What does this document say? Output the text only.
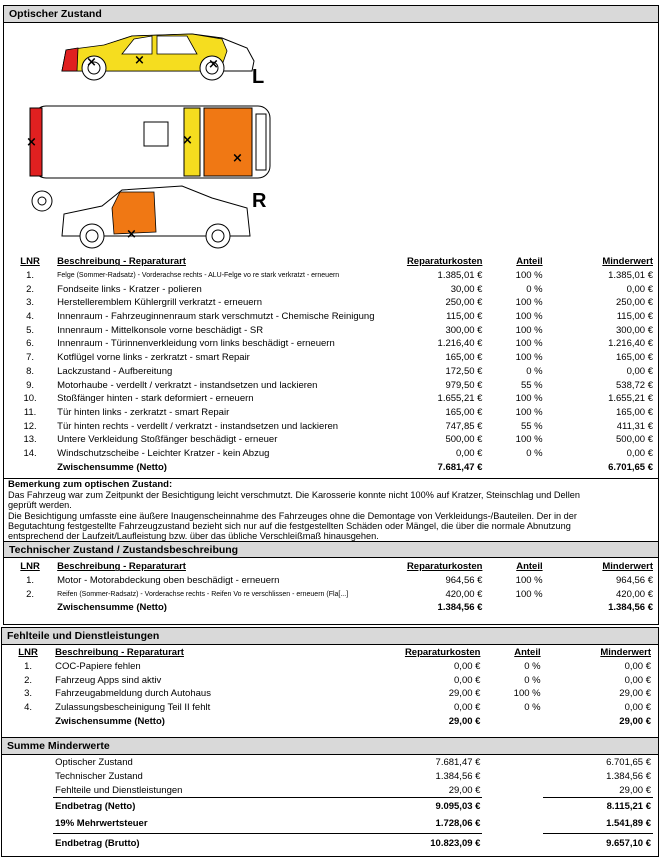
Optischer Zustand
×	×	×
×	×
×
×
L
R
LNR	Beschreibung - Reparaturart	Reparaturkosten	Anteil	Minderwert
1.	Felge (Sommer-Radsatz) - Vorderachse rechts - ALU-Felge vo re stark verkratzt - erneuern	1.385,01 €	100 %	1.385,01 €
2.	Fondseite links - Kratzer - polieren	30,00 €	0 %	0,00 €
3.	Herstelleremblem Kühlergrill verkratzt - erneuern	250,00 €	100 %	250,00 €
4.	Innenraum - Fahrzeuginnenraum stark verschmutzt - Chemische Reinigung	115,00 €	100 %	115,00 €
5.	Innenraum - Mittelkonsole vorne beschädigt - SR	300,00 €	100 %	300,00 €
6.	Innenraum - Türinnenverkleidung vorn links beschädigt - erneuern	1.216,40 €	100 %	1.216,40 €
7.	Kotflügel vorne links - zerkratzt - smart Repair	165,00 €	100 %	165,00 €
8.	Lackzustand - Aufbereitung	172,50 €	0 %	0,00 €
9.	Motorhaube - verdellt / verkratzt - instandsetzen und lackieren	979,50 €	55 %	538,72 €
10.	Stoßfänger hinten - stark deformiert - erneuern	1.655,21 €	100 %	1.655,21 €
11.	Tür hinten links - zerkratzt - smart Repair	165,00 €	100 %	165,00 €
12.	Tür hinten rechts - verdellt / verkratzt - instandsetzen und lackieren	747,85 €	55 %	411,31 €
13.	Untere Verkleidung Stoßfänger beschädigt - erneuer	500,00 €	100 %	500,00 €
14.	Windschutzscheibe - Leichter Kratzer - kein Abzug	0,00 €	0 %	0,00 €
	Zwischensumme (Netto)	7.681,47 €		6.701,65 €
Bemerkung zum optischen Zustand:
Das Fahrzeug war zum Zeitpunkt der Besichtigung leicht verschmutzt. Die Karosserie konnte nicht 100% auf Kratzer, Steinschlag und Dellen
geprüft werden.
Die Besichtigung umfasste eine äußere Inaugenscheinnahme des Fahrzeuges ohne die Demontage von Verkleidungs-/Bauteilen. Der in der
Begutachtung festgestellte Fahrzeugzustand bezieht sich nur auf die festgestellten Schäden oder Mängel, die über die normale Abnutzung
entsprechend der Laufzeit/Laufleistung bzw. über das übliche Verschleißmaß hinausgehen.
Technischer Zustand / Zustandsbeschreibung
LNR	Beschreibung - Reparaturart	Reparaturkosten	Anteil	Minderwert
1.	Motor - Motorabdeckung oben beschädigt - erneuern	964,56 €	100 %	964,56 €
2.	Reifen (Sommer-Radsatz) - Vorderachse rechts - Reifen Vo re verschlissen - erneuern (Fla[...]	420,00 €	100 %	420,00 €
	Zwischensumme (Netto)	1.384,56 €		1.384,56 €
Fehlteile und Dienstleistungen
LNR	Beschreibung - Reparaturart	Reparaturkosten	Anteil	Minderwert
1.	COC-Papiere fehlen	0,00 €	0 %	0,00 €
2.	Fahrzeug Apps sind aktiv	0,00 €	0 %	0,00 €
3.	Fahrzeugabmeldung durch Autohaus	29,00 €	100 %	29,00 €
4.	Zulassungsbescheinigung Teil II fehlt	0,00 €	0 %	0,00 €
	Zwischensumme (Netto)	29,00 €		29,00 €
Summe Minderwerte
	Optischer Zustand	7.681,47 €		6.701,65 €
	Technischer Zustand	1.384,56 €		1.384,56 €
	Fehlteile und Dienstleistungen	29,00 €		29,00 €
	Endbetrag (Netto)	9.095,03 €		8.115,21 €
	19% Mehrwertsteuer	1.728,06 €		1.541,89 €
	Endbetrag (Brutto)	10.823,09 €		9.657,10 €
